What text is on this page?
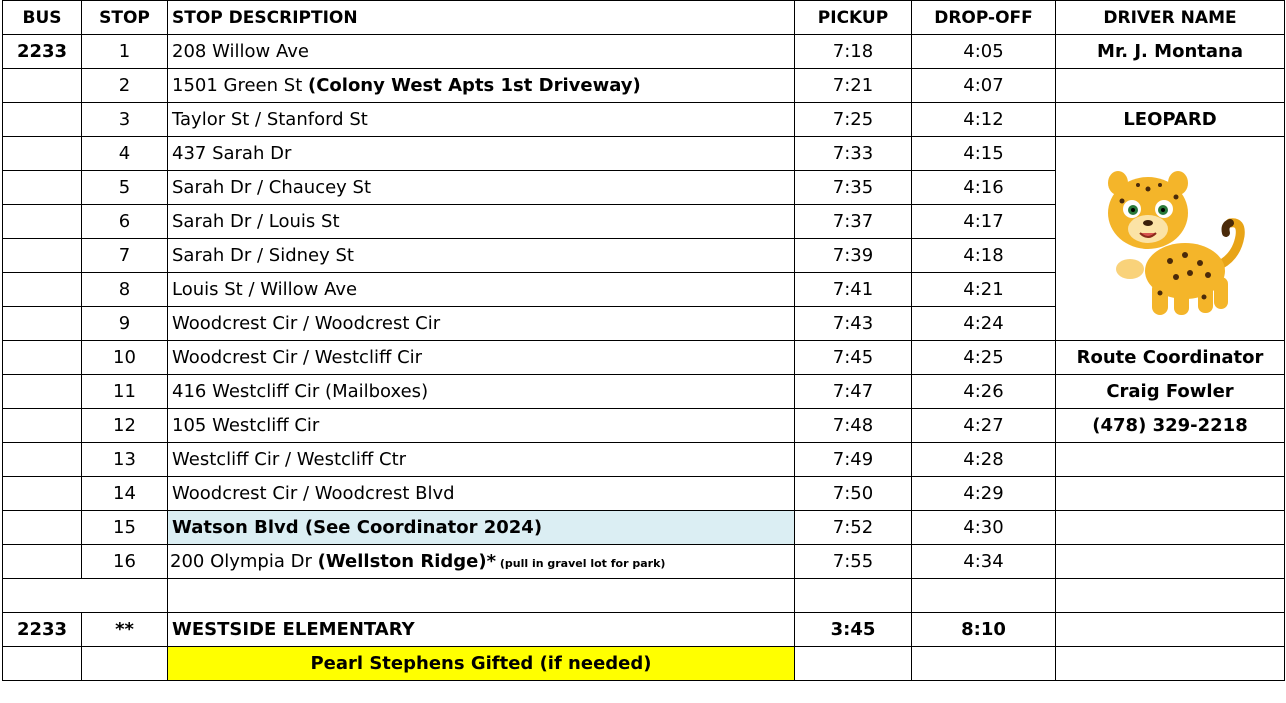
BUS	STOP	STOP DESCRIPTION	PICKUP	DROP-OFF	DRIVER NAME
2233	1	208 Willow Ave	7:18	4:05	Mr. J. Montana
	2	1501 Green St (Colony West Apts 1st Driveway)	7:21	4:07	
	3	Taylor St / Stanford St	7:25	4:12	LEOPARD
	4	437 Sarah Dr	7:33	4:15	

	5	Sarah Dr / Chaucey St	7:35	4:16	
	6	Sarah Dr / Louis St	7:37	4:17	
	7	Sarah Dr / Sidney St	7:39	4:18	
	8	Louis St / Willow Ave	7:41	4:21	
	9	Woodcrest Cir / Woodcrest Cir	7:43	4:24	
	10	Woodcrest Cir / Westcliff Cir	7:45	4:25	Route Coordinator
	11	416 Westcliff Cir (Mailboxes)	7:47	4:26	Craig Fowler
	12	105 Westcliff Cir	7:48	4:27	(478) 329-2218
	13	Westcliff Cir / Westcliff Ctr	7:49	4:28	
	14	Woodcrest Cir / Woodcrest Blvd	7:50	4:29	
	15	Watson Blvd (See Coordinator 2024)	7:52	4:30	
	16	200 Olympia Dr (Wellston Ridge)* (pull in gravel lot for park)	7:55	4:34	

2233	**	WESTSIDE ELEMENTARY	3:45	8:10	
		Pearl Stephens Gifted (if needed)			
